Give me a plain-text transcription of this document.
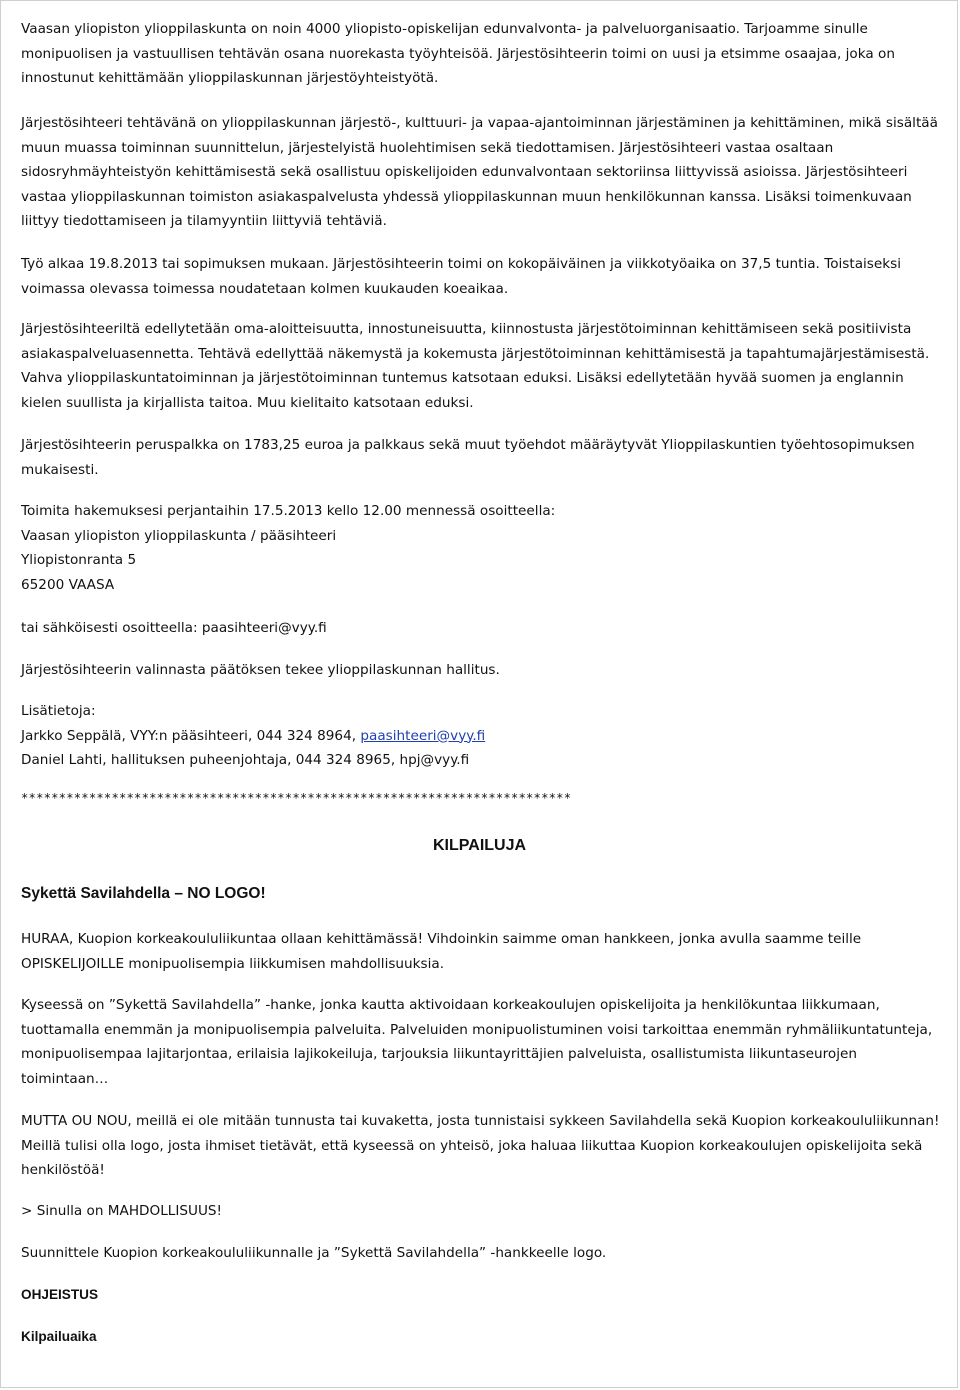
Vaasan yliopiston ylioppilaskunta on noin 4000 yliopisto-opiskelijan edunvalvonta- ja palveluorganisaatio. Tarjoamme sinulle monipuolisen ja vastuullisen tehtävän osana nuorekasta työyhteisöä. Järjestösihteerin toimi on uusi ja etsimme osaajaa, joka on innostunut kehittämään ylioppilaskunnan järjestöyhteistyötä.

Järjestösihteeri tehtävänä on ylioppilaskunnan järjestö-, kulttuuri- ja vapaa-ajantoiminnan järjestäminen ja kehittäminen, mikä sisältää muun muassa toiminnan suunnittelun, järjestelyistä huolehtimisen sekä tiedottamisen. Järjestösihteeri vastaa osaltaan sidosryhmäyhteistyön kehittämisestä sekä osallistuu opiskelijoiden edunvalvontaan sektoriinsa liittyvissä asioissa. Järjestösihteeri vastaa ylioppilaskunnan toimiston asiakaspalvelusta yhdessä ylioppilaskunnan muun henkilökunnan kanssa. Lisäksi toimenkuvaan liittyy tiedottamiseen ja tilamyyntiin liittyviä tehtäviä.

Työ alkaa 19.8.2013 tai sopimuksen mukaan. Järjestösihteerin toimi on kokopäiväinen ja viikkotyöaika on 37,5 tuntia. Toistaiseksi voimassa olevassa toimessa noudatetaan kolmen kuukauden koeaikaa.

Järjestösihteeriltä edellytetään oma-aloitteisuutta, innostuneisuutta, kiinnostusta järjestötoiminnan kehittämiseen sekä positiivista asiakaspalveluasennetta. Tehtävä edellyttää näkemystä ja kokemusta järjestötoiminnan kehittämisestä ja tapahtumajärjestämisestä. Vahva ylioppilaskuntatoiminnan ja järjestötoiminnan tuntemus katsotaan eduksi. Lisäksi edellytetään hyvää suomen ja englannin kielen suullista ja kirjallista taitoa. Muu kielitaito katsotaan eduksi.

Järjestösihteerin peruspalkka on 1783,25 euroa ja palkkaus sekä muut työehdot määräytyvät Ylioppilaskuntien työehtosopimuksen mukaisesti.

Toimita hakemuksesi perjantaihin 17.5.2013 kello 12.00 mennessä osoitteella:
Vaasan yliopiston ylioppilaskunta / pääsihteeri
Yliopistonranta 5
65200 VAASA

tai sähköisesti osoitteella: paasihteeri@vyy.fi

Järjestösihteerin valinnasta päätöksen tekee ylioppilaskunnan hallitus.

Lisätietoja:
Jarkko Seppälä, VYY:n pääsihteeri, 044 324 8964, paasihteeri@vyy.fi
Daniel Lahti, hallituksen puheenjohtaja, 044 324 8965, hpj@vyy.fi

*************************************************************************

KILPAILUJA

Sykettä Savilahdella – NO LOGO!

HURAA, Kuopion korkeakoululiikuntaa ollaan kehittämässä! Vihdoinkin saimme oman hankkeen, jonka avulla saamme teille OPISKELIJOILLE monipuolisempia liikkumisen mahdollisuuksia.

Kyseessä on ”Sykettä Savilahdella” -hanke, jonka kautta aktivoidaan korkeakoulujen opiskelijoita ja henkilökuntaa liikkumaan, tuottamalla enemmän ja monipuolisempia palveluita. Palveluiden monipuolistuminen voisi tarkoittaa enemmän ryhmäliikuntatunteja, monipuolisempaa lajitarjontaa, erilaisia lajikokeiluja, tarjouksia liikuntayrittäjien palveluista, osallistumista liikuntaseurojen toimintaan…

MUTTA OU NOU, meillä ei ole mitään tunnusta tai kuvaketta, josta tunnistaisi sykkeen Savilahdella sekä Kuopion korkeakoululiikunnan! Meillä tulisi olla logo, josta ihmiset tietävät, että kyseessä on yhteisö, joka haluaa liikuttaa Kuopion korkeakoulujen opiskelijoita sekä henkilöstöä!

> Sinulla on MAHDOLLISUUS!

Suunnittele Kuopion korkeakoululiikunnalle ja ”Sykettä Savilahdella” -hankkeelle logo.

OHJEISTUS

Kilpailuaika
